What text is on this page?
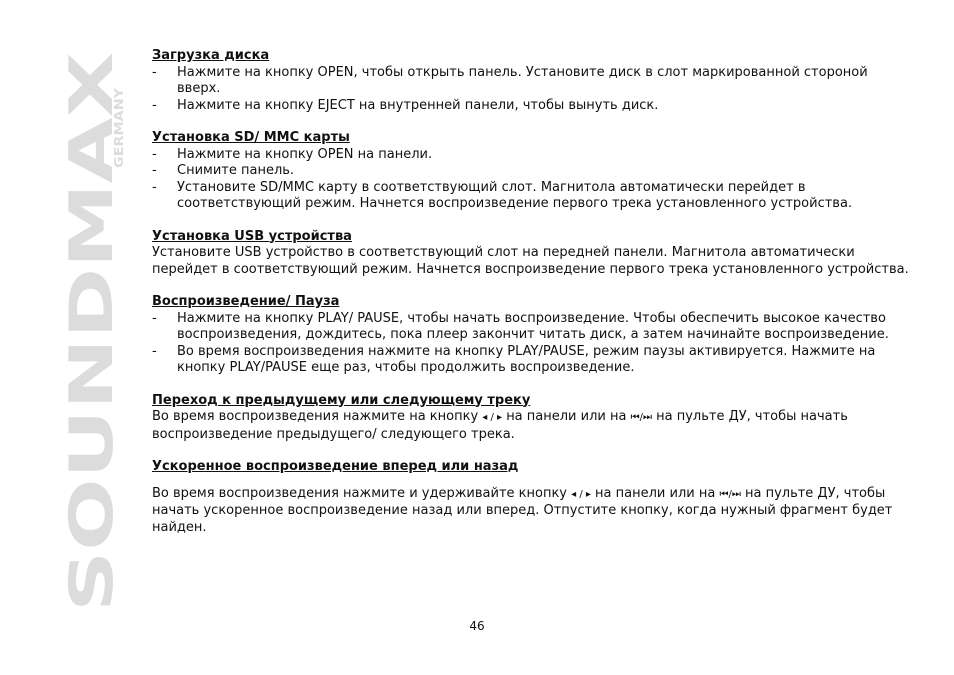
SOUNDMAX
GERMANY

Загрузка диска

- Нажмите на кнопку OPEN, чтобы открыть панель. Установите диск в слот маркированной стороной вверх.
- Нажмите на кнопку EJECT на внутренней панели, чтобы вынуть диск.

Установка SD/ MMC карты

- Нажмите на кнопку OPEN на панели.
- Снимите панель.
- Установите SD/MMC карту в соответствующий слот. Магнитола автоматически перейдет в соответствующий режим. Начнется воспроизведение первого трека установленного устройства.

Установка USB устройства

Установите USB устройство в соответствующий слот на передней панели. Магнитола автоматически перейдет в соответствующий режим. Начнется воспроизведение первого трека установленного устройства.

Воспроизведение/ Пауза

- Нажмите на кнопку PLAY/ PAUSE, чтобы начать воспроизведение. Чтобы обеспечить высокое качество воспроизведения, дождитесь, пока плеер закончит читать диск, а затем начинайте воспроизведение.
- Во время воспроизведения нажмите на кнопку PLAY/PAUSE, режим паузы активируется. Нажмите на кнопку PLAY/PAUSE еще раз, чтобы продолжить воспроизведение.

Переход к предыдущему или следующему треку

Во время воспроизведения нажмите на кнопку ◂ / ▸ на панели или на ⏮/⏭ на пульте ДУ, чтобы начать воспроизведение предыдущего/ следующего трека.

Ускоренное воспроизведение вперед или назад

Во время воспроизведения нажмите и удерживайте кнопку ◂ / ▸ на панели или на ⏮/⏭ на пульте ДУ, чтобы начать ускоренное воспроизведение назад или вперед. Отпустите кнопку, когда нужный фрагмент будет найден.

46
